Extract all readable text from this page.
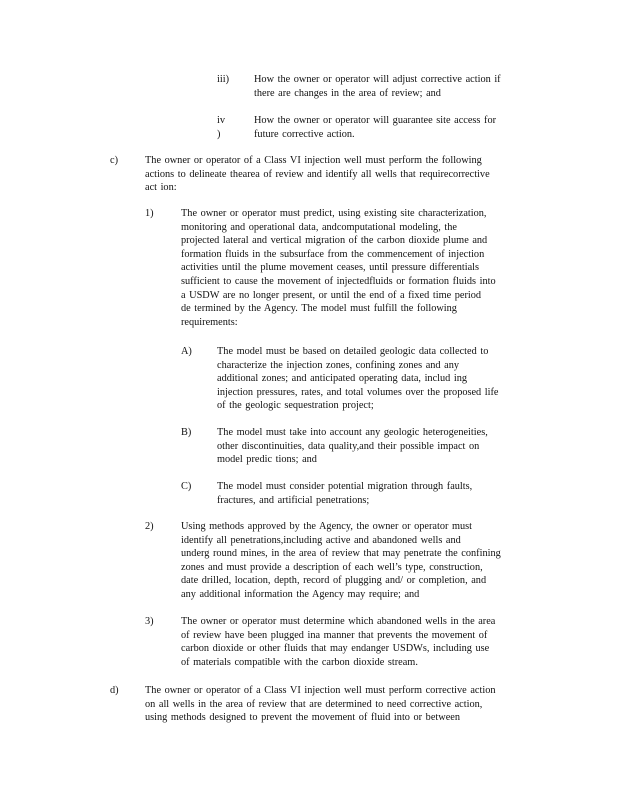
iii) How the owner or operator will adjust corrective action if
there are changes in the area of review; and
iv )
How the owner or operator will guarantee site access for
future corrective action.
c)	The owner or operator of a Class VI injection well must perform the following
actions to delineate thearea of review and identify all wells that requirecorrective
act ion:
1)	The owner or operator must predict, using existing site characterization,
monitoring and operational data, andcomputational modeling, the
projected lateral and vertical migration of the carbon dioxide plume and
formation fluids in the subsurface from the commencement of injection
activities until the plume movement ceases, until pressure differentials
sufficient to cause the movement of injectedfluids or formation fluids into
a USDW are no longer present, or until the end of a fixed time period
de termined by the Agency. The model must fulfill the following
requirements:
A) The model must be based on detailed geologic data collected to
characterize the injection zones, confining zones and any
additional zones; and anticipated operating data, includ ing
injection pressures, rates, and total volumes over the proposed life
of the geologic sequestration project;
B) The model must take into account any geologic heterogeneities,
other discontinuities, data quality,and their possible impact on
model predic tions; and
C) The model must consider potential migration through faults,
fractures, and artificial penetrations;
2)	Using methods approved by the Agency, the owner or operator must
identify all penetrations,including active and abandoned wells and
underg round mines, in the area of review that may penetrate the confining
zones and must provide a description of each well’s type, construction,
date drilled, location, depth, record of plugging and/ or completion, and
any additional information the Agency may require; and
3)	The owner or operator must determine which abandoned wells in the area
of review have been plugged ina manner that prevents the movement of
carbon dioxide or other fluids that may endanger USDWs, including use
of materials compatible with the carbon dioxide stream.
d)	The owner or operator of a Class VI injection well must perform corrective action
on all wells in the area of review that are determined to need corrective action,
using methods designed to prevent the movement of fluid into or between
